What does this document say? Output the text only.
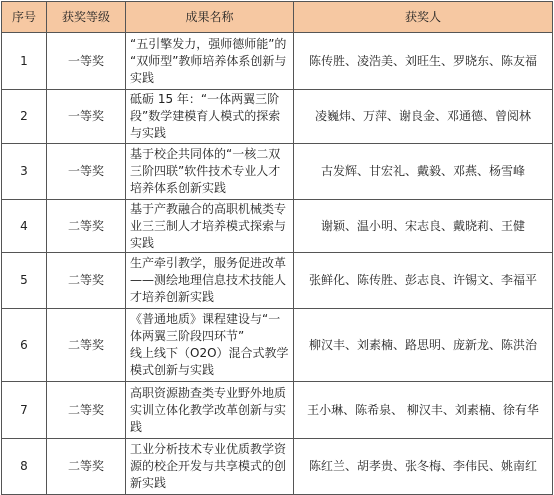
序号	获奖等级	成果名称	获奖人
1	一等奖	“五引擎发力，强师德师能”的
“双师型”教师培养体系创新与
实践	陈传胜、凌浩美、刘旺生、罗晓东、陈友福
2	一等奖	砥砺 15 年：“一体两翼三阶
段”数学建模育人模式的探索
与实践	凌巍炜、万萍、谢良金、邓通德、曾阅林
3	一等奖	基于校企共同体的“一核二双
三阶四联”软件技术专业人才
培养体系创新实践	古发辉、甘宏礼、戴毅、邓燕、杨雪峰
4	二等奖	基于产教融合的高职机械类专
业三三制人才培养模式探索与
实践	谢颖、温小明、宋志良、戴晓莉、王健
5	二等奖	生产牵引教学，服务促进改革
——测绘地理信息技术技能人
才培养创新实践	张鲜化、陈传胜、彭志良、许锡文、李福平
6	二等奖	《普通地质》课程建设与“一
体两翼三阶段四环节”
线上线下（O2O）混合式教学
模式创新与实践	柳汉丰、刘素楠、路思明、庞新龙、陈洪治
7	二等奖	高职资源勘查类专业野外地质
实训立体化教学改革创新与实
践	王小琳、陈希泉、 柳汉丰、刘素楠、徐有华
8	二等奖	工业分析技术专业优质教学资
源的校企开发与共享模式的创
新实践	陈红兰、胡孝贵、张冬梅、李伟民、姚南红
